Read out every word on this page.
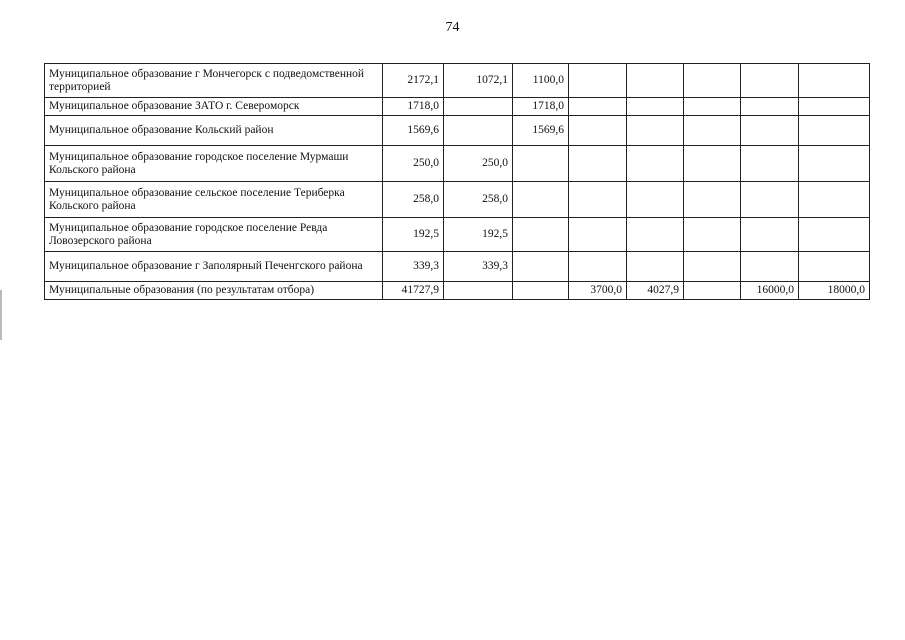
74
Муниципальное образование г Мончегорск с подведомственной территорией	2172,1	1072,1	1100,0					
Муниципальное образование ЗАТО г. Североморск	1718,0		1718,0					
Муниципальное образование Кольский район	1569,6		1569,6					
Муниципальное образование городское поселение Мурмаши Кольского района	250,0	250,0						
Муниципальное образование сельское поселение Териберка Кольского района	258,0	258,0						
Муниципальное образование городское поселение Ревда Ловозерского района	192,5	192,5						
Муниципальное образование г Заполярный Печенгского района	339,3	339,3						
Муниципальные образования (по результатам отбора)	41727,9			3700,0	4027,9		16000,0	18000,0
